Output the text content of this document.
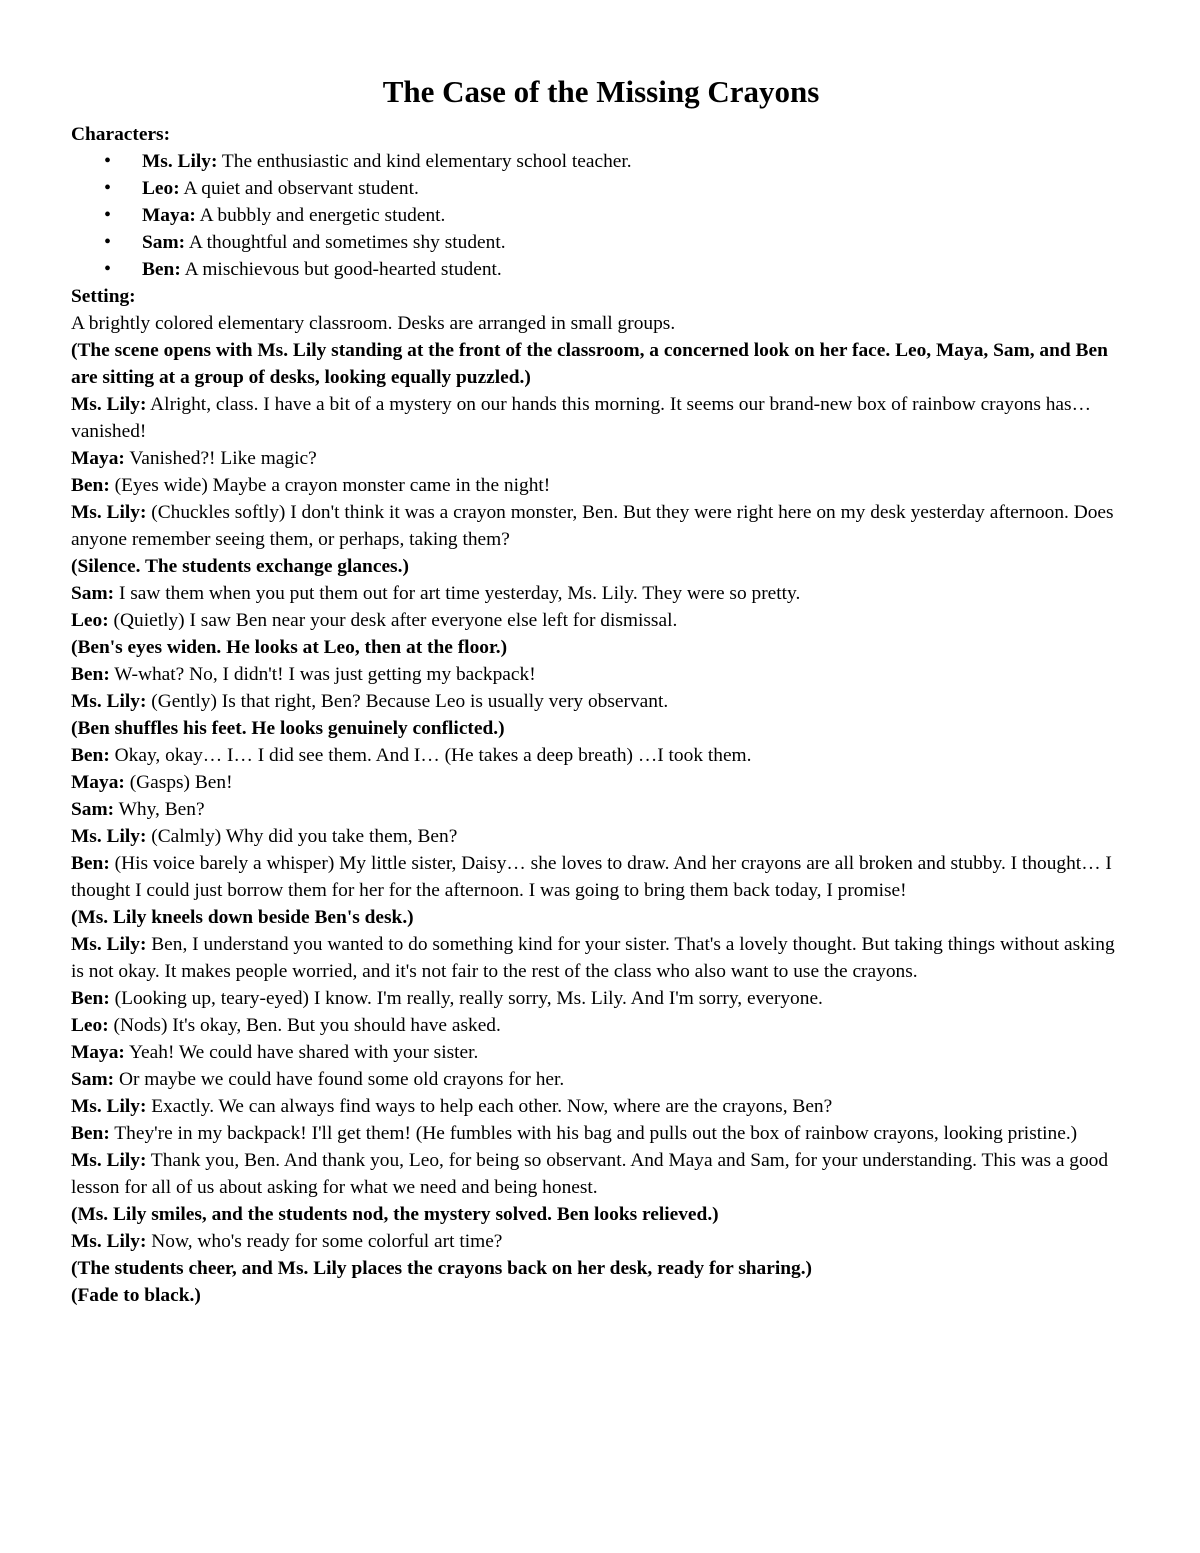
The Case of the Missing Crayons

Characters:

• Ms. Lily: The enthusiastic and kind elementary school teacher.
• Leo: A quiet and observant student.
• Maya: A bubbly and energetic student.
• Sam: A thoughtful and sometimes shy student.
• Ben: A mischievous but good-hearted student.

Setting:

A brightly colored elementary classroom. Desks are arranged in small groups.

(The scene opens with Ms. Lily standing at the front of the classroom, a concerned look on her face. Leo, Maya, Sam, and Ben are sitting at a group of desks, looking equally puzzled.)

Ms. Lily: Alright, class. I have a bit of a mystery on our hands this morning. It seems our brand-new box of rainbow crayons has… vanished!

Maya: Vanished?! Like magic?

Ben: (Eyes wide) Maybe a crayon monster came in the night!

Ms. Lily: (Chuckles softly) I don't think it was a crayon monster, Ben. But they were right here on my desk yesterday afternoon. Does anyone remember seeing them, or perhaps, taking them?

(Silence. The students exchange glances.)

Sam: I saw them when you put them out for art time yesterday, Ms. Lily. They were so pretty.

Leo: (Quietly) I saw Ben near your desk after everyone else left for dismissal.

(Ben's eyes widen. He looks at Leo, then at the floor.)

Ben: W-what? No, I didn't! I was just getting my backpack!

Ms. Lily: (Gently) Is that right, Ben? Because Leo is usually very observant.

(Ben shuffles his feet. He looks genuinely conflicted.)

Ben: Okay, okay… I… I did see them. And I… (He takes a deep breath) …I took them.

Maya: (Gasps) Ben!

Sam: Why, Ben?

Ms. Lily: (Calmly) Why did you take them, Ben?

Ben: (His voice barely a whisper) My little sister, Daisy… she loves to draw. And her crayons are all broken and stubby. I thought… I thought I could just borrow them for her for the afternoon. I was going to bring them back today, I promise!

(Ms. Lily kneels down beside Ben's desk.)

Ms. Lily: Ben, I understand you wanted to do something kind for your sister. That's a lovely thought. But taking things without asking is not okay. It makes people worried, and it's not fair to the rest of the class who also want to use the crayons.

Ben: (Looking up, teary-eyed) I know. I'm really, really sorry, Ms. Lily. And I'm sorry, everyone.

Leo: (Nods) It's okay, Ben. But you should have asked.

Maya: Yeah! We could have shared with your sister.

Sam: Or maybe we could have found some old crayons for her.

Ms. Lily: Exactly. We can always find ways to help each other. Now, where are the crayons, Ben?

Ben: They're in my backpack! I'll get them! (He fumbles with his bag and pulls out the box of rainbow crayons, looking pristine.)

Ms. Lily: Thank you, Ben. And thank you, Leo, for being so observant. And Maya and Sam, for your understanding. This was a good lesson for all of us about asking for what we need and being honest.

(Ms. Lily smiles, and the students nod, the mystery solved. Ben looks relieved.)

Ms. Lily: Now, who's ready for some colorful art time?

(The students cheer, and Ms. Lily places the crayons back on her desk, ready for sharing.)

(Fade to black.)
